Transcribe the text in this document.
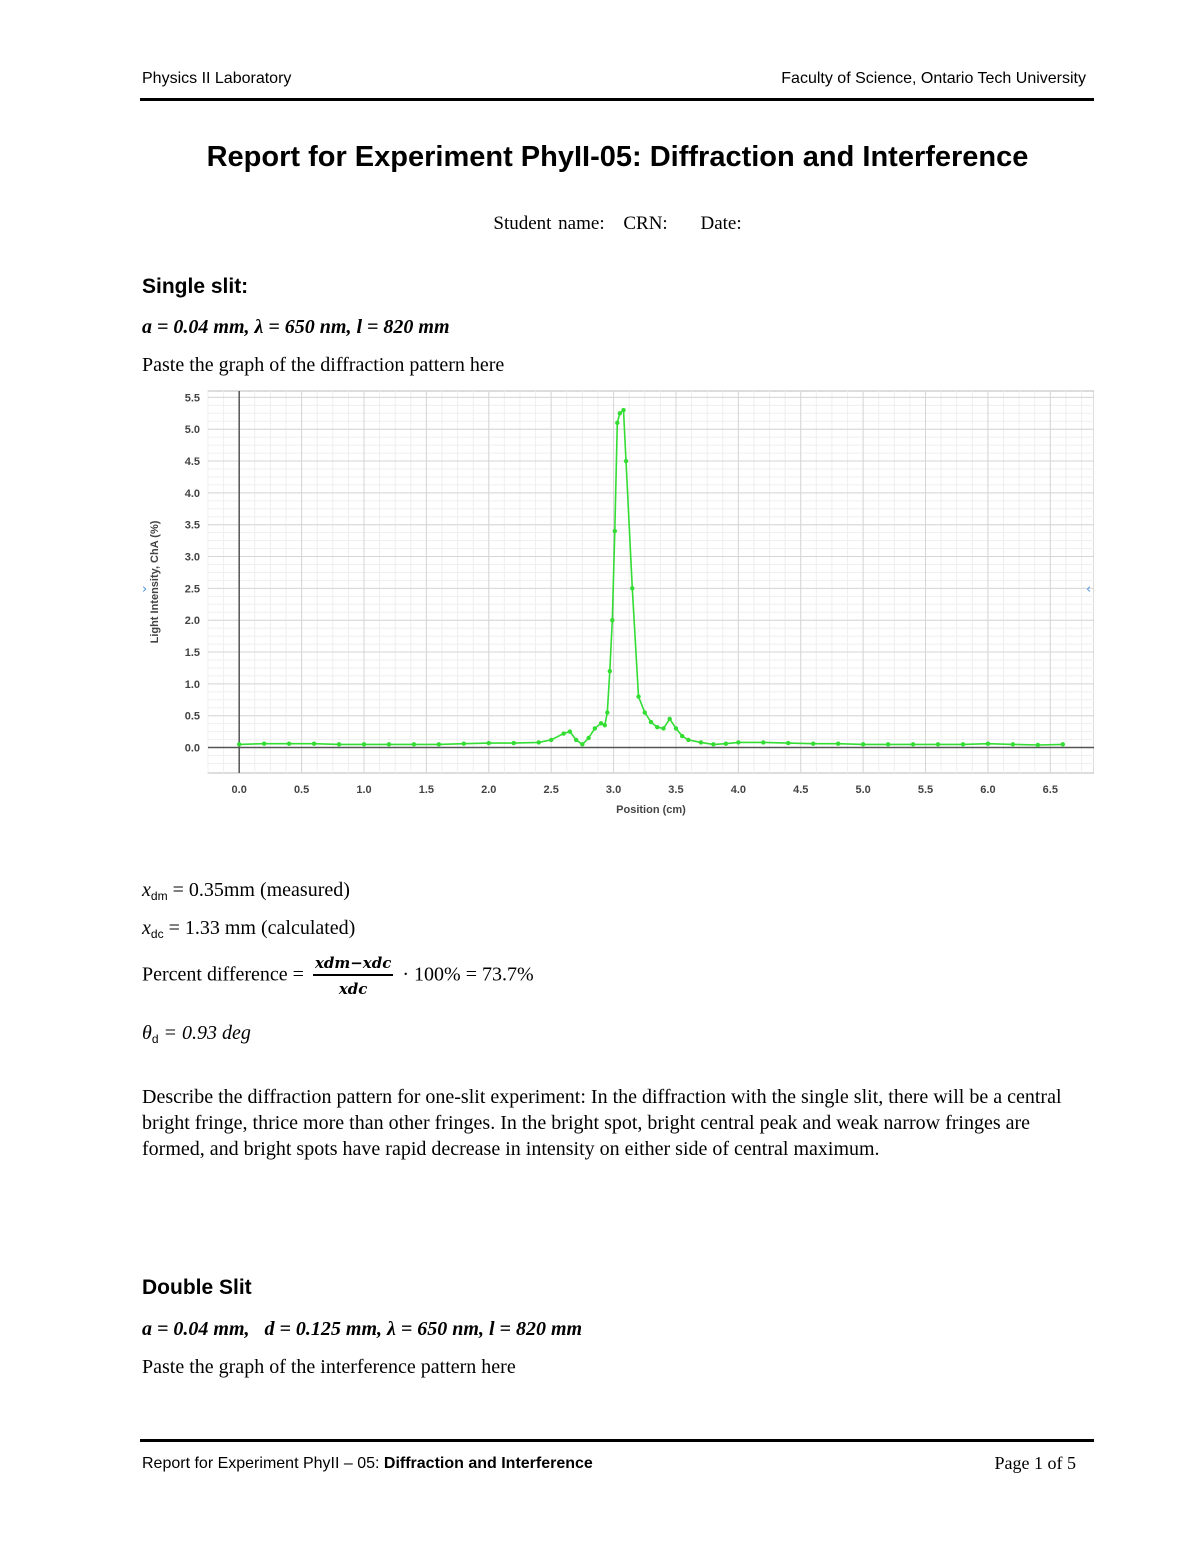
Physics II Laboratory	Faculty of Science, Ontario Tech University
Report for Experiment PhyII-05: Diffraction and Interference
Student name: CRN: Date:
Single slit:
a = 0.04 mm, λ = 650 nm, l = 820 mm
Paste the graph of the diffraction pattern here
0.0	0.5	1.0	1.5	2.0	2.5	3.0	3.5	4.0	4.5	5.0	5.5	6.0	6.5
0.0
0.5
1.0
1.5
2.0
2.5
3.0
3.5
4.0
4.5
5.0
5.5
Position (cm)
Light Intensity, ChA (%)
›	‹
$x_{dm} = 0.35mm$ (measured)
$x_{dc} = 1.33$ mm (calculated)
Percent difference = $\frac{\text{xdm−xdc}}{\text{xdc}} \cdot 100\% = 73.7\%$
$\theta_d = 0.93$ deg
Describe the diffraction pattern for one-slit experiment: In the diffraction with the single slit, there will be a central bright fringe, thrice more than other fringes. In the bright spot, bright central peak and weak narrow fringes are formed, and bright spots have rapid decrease in intensity on either side of central maximum.
Double Slit
a = 0.04 mm, d = 0.125 mm, λ = 650 nm, l = 820 mm
Paste the graph of the interference pattern here
Report for Experiment PhyII – 05: Diffraction and Interference	Page 1 of 5
